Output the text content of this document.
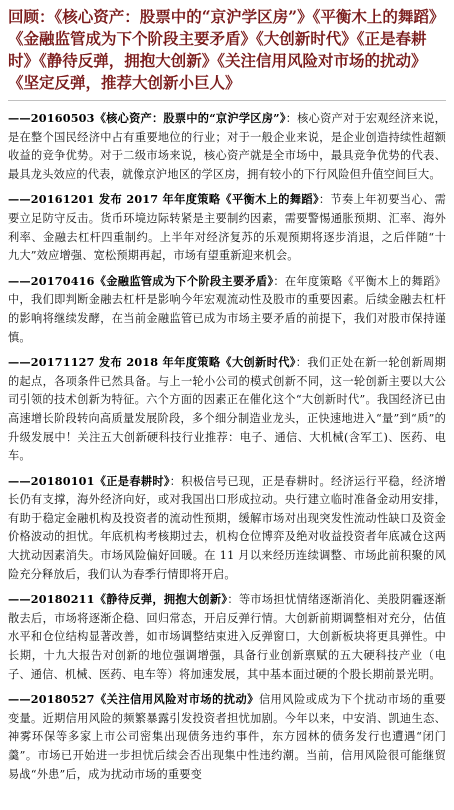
回顾：《核心资产：股票中的“京沪学区房”》《平衡木上的舞蹈》《金融监管成为下个阶段主要矛盾》《大创新时代》《正是春耕时》《静待反弹，拥抱大创新》《关注信用风险对市场的扰动》《坚定反弹，推荐大创新小巨人》

——20160503《核心资产：股票中的“京沪学区房”》：核心资产对于宏观经济来说，是在整个国民经济中占有重要地位的行业；对于一般企业来说，是企业创造持续性超额收益的竞争优势。对于二级市场来说，核心资产就是全市场中，最具竞争优势的代表、最具龙头效应的代表，就像京沪地区的学区房，拥有较小的下行风险但升值空间巨大。

——20161201 发布 2017 年年度策略《平衡木上的舞蹈》：节奏上年初要当心、需要立足防守反击。货币环境边际转紧是主要制约因素，需要警惕通胀预期、汇率、海外利率、金融去杠杆四重制约。上半年对经济复苏的乐观预期将逐步消退，之后伴随“十九大”效应增强、宽松预期再起，市场有望重新迎来机会。

——20170416《金融监管成为下个阶段主要矛盾》：在年度策略《平衡木上的舞蹈》中，我们即判断金融去杠杆是影响今年宏观流动性及股市的重要因素。后续金融去杠杆的影响将继续发酵，在当前金融监管已成为市场主要矛盾的前提下，我们对股市保持谨慎。

——20171127 发布 2018 年年度策略《大创新时代》：我们正处在新一轮创新周期的起点，各项条件已然具备。与上一轮小公司的模式创新不同，这一轮创新主要以大公司引领的技术创新为特征。六个方面的因素正在催化这个“大创新时代”。我国经济已由高速增长阶段转向高质量发展阶段，多个细分制造业龙头，正快速地进入“量”到“质”的升级发展中！关注五大创新硬科技行业推荐：电子、通信、大机械(含军工)、医药、电车。

——20180101《正是春耕时》：积极信号已现，正是春耕时。经济运行平稳，经济增长仍有支撑，海外经济向好，或对我国出口形成拉动。央行建立临时准备金动用安排，有助于稳定金融机构及投资者的流动性预期，缓解市场对出现突发性流动性缺口及资金价格波动的担忧。年底机构考核期过去，机构仓位博弈及绝对收益投资者年底减仓这两大扰动因素消失。市场风险偏好回暖。在 11 月以来经历连续调整、市场此前积聚的风险充分释放后，我们认为春季行情即将开启。

——20180211《静待反弹，拥抱大创新》：等市场担忧情绪逐渐消化、美股阴霾逐渐散去后，市场将逐渐企稳、回归常态，开启反弹行情。大创新前期调整相对充分，估值水平和仓位结构显著改善，如市场调整结束进入反弹窗口，大创新板块将更具弹性。中长期，十九大报告对创新的地位强调增强，具备行业创新禀赋的五大硬科技产业（电子、通信、机械、医药、电车等）将加速发展，其中基本面过硬的个股长期前景光明。

——20180527《关注信用风险对市场的扰动》信用风险或成为下个扰动市场的重要变量。近期信用风险的频繁暴露引发投资者担忧加剧。今年以来，中安消、凯迪生态、神雾环保等多家上市公司密集出现债务违约事件，东方园林的债务发行也遭遇“闭门羹”。市场已开始进一步担忧后续会否出现集中性违约潮。当前，信用风险很可能继贸易战“外患”后，成为扰动市场的重要变
